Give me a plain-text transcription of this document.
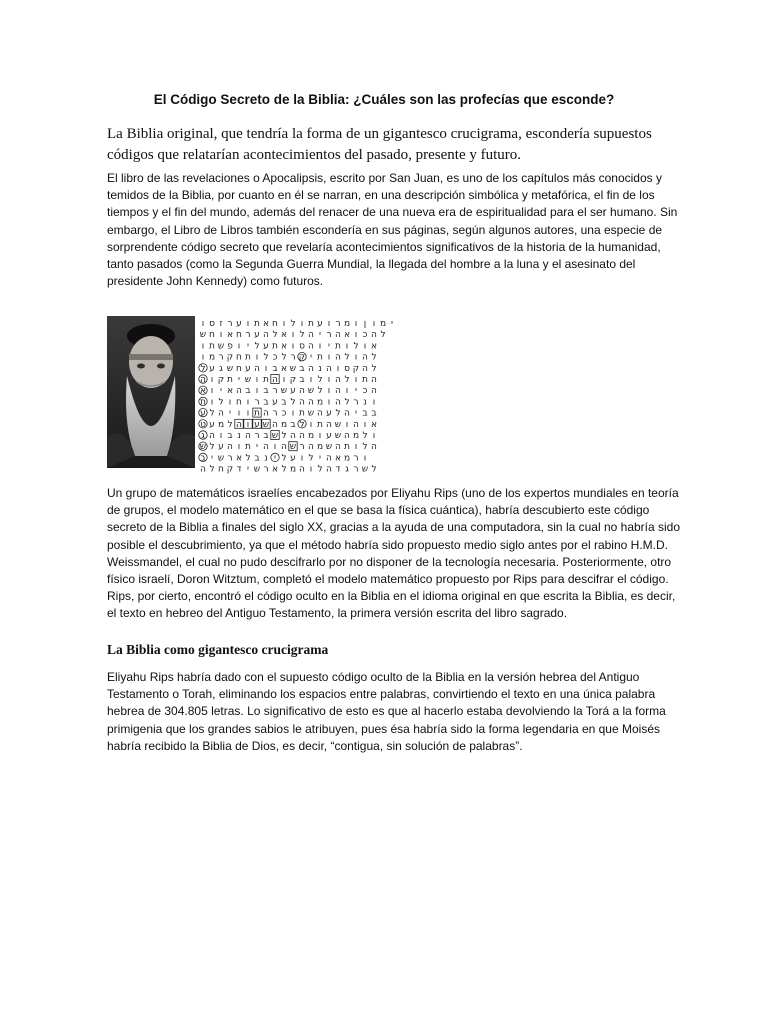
El Código Secreto de la Biblia: ¿Cuáles son las profecías que esconde?
La Biblia original, que tendría la forma de un gigantesco crucigrama, escondería supuestos códigos que relatarían acontecimientos del pasado, presente y futuro.
El libro de las revelaciones o Apocalipsis, escrito por San Juan, es uno de los capítulos más conocidos y temidos de la Biblia, por cuanto en él se narran, en una descripción simbólica y metafórica, el fin de los tiempos y el fin del mundo, además del renacer de una nueva era de espiritualidad para el ser humano. Sin embargo, el Libro de Libros también escondería en sus páginas, según algunos autores, una especie de sorprendente código secreto que revelaría acontecimientos significativos de la historia de la humanidad, tanto pasados (como la Segunda Guerra Mundial, la llegada del hombre a la luna y el asesinato del presidente John Kennedy) como futuros.
ו ס ז ר ע ו ת א ח ו ל ו ת ע ו ר מ ו ן ו מ י
ש ח ו א ח ר ע ה ל א ו ל ה י ר ה א ו כ ה ל
ו ת ש פ ו י ל ע ת א ו ס ה ו י ת ו ל ו א
ו מ ר ק ח ת ו ל כ ל ר ק י ת ו ה ל ו ה ל
ל ע ג ש ח ע ה ו ב א ש ב ה נ ה ו ס ק ה ל
ה ו ק ת י ש ו ת ה ו ק ב ו ל ו ה ל ו ת ה
א ו י א ה ב ו ב ר ש ע ה ש ל ו ה ו י כ ה
ת ו ל ו ח ו ר ב ע ב ל ה ה מ ו ה ל ר נ ו
ע ל ה י ו ו ת ה ר כ ו ת ש ה ע ל ה י ב ב
ט ע מ ל ה ו ע ש ה מ ב ל ו ת ה ש ו ה ו א
ג ה ו ב נ ה ר ב ש ל ה ה מ ו ע ש ה מ ל ו
ש ל ע ה ו ת י ה ו ה ש ר ה מ ש ה ת ו ל ה
ב י ש ר א ל ב נ י ל ע ו ל י ה א מ ר ו
ה ל ח ק ד י ש ר א ל מ ה ו ל ה ד ג ר ש ל
Un grupo de matemáticos israelíes encabezados por Eliyahu Rips (uno de los expertos mundiales en teoría de grupos, el modelo matemático en el que se basa la física cuántica), habría descubierto este código secreto de la Biblia a finales del siglo XX, gracias a la ayuda de una computadora, sin la cual no habría sido posible el descubrimiento, ya que el método habría sido propuesto medio siglo antes por el rabino H.M.D. Weissmandel, el cual no pudo descifrarlo por no disponer de la tecnología necesaria. Posteriormente, otro físico israelí, Doron Witztum, completó el modelo matemático propuesto por Rips para descifrar el código. Rips, por cierto, encontró el código oculto en la Biblia en el idioma original en que escrita la Biblia, es decir, el texto en hebreo del Antiguo Testamento, la primera versión escrita del libro sagrado.
La Biblia como gigantesco crucigrama
Eliyahu Rips habría dado con el supuesto código oculto de la Biblia en la versión hebrea del Antiguo Testamento o Torah, eliminando los espacios entre palabras, convirtiendo el texto en una única palabra hebrea de 304.805 letras. Lo significativo de esto es que al hacerlo estaba devolviendo la Torá a la forma primigenia que los grandes sabios le atribuyen, pues ésa habría sido la forma legendaria en que Moisés habría recibido la Biblia de Dios, es decir, “contigua, sin solución de palabras”.
